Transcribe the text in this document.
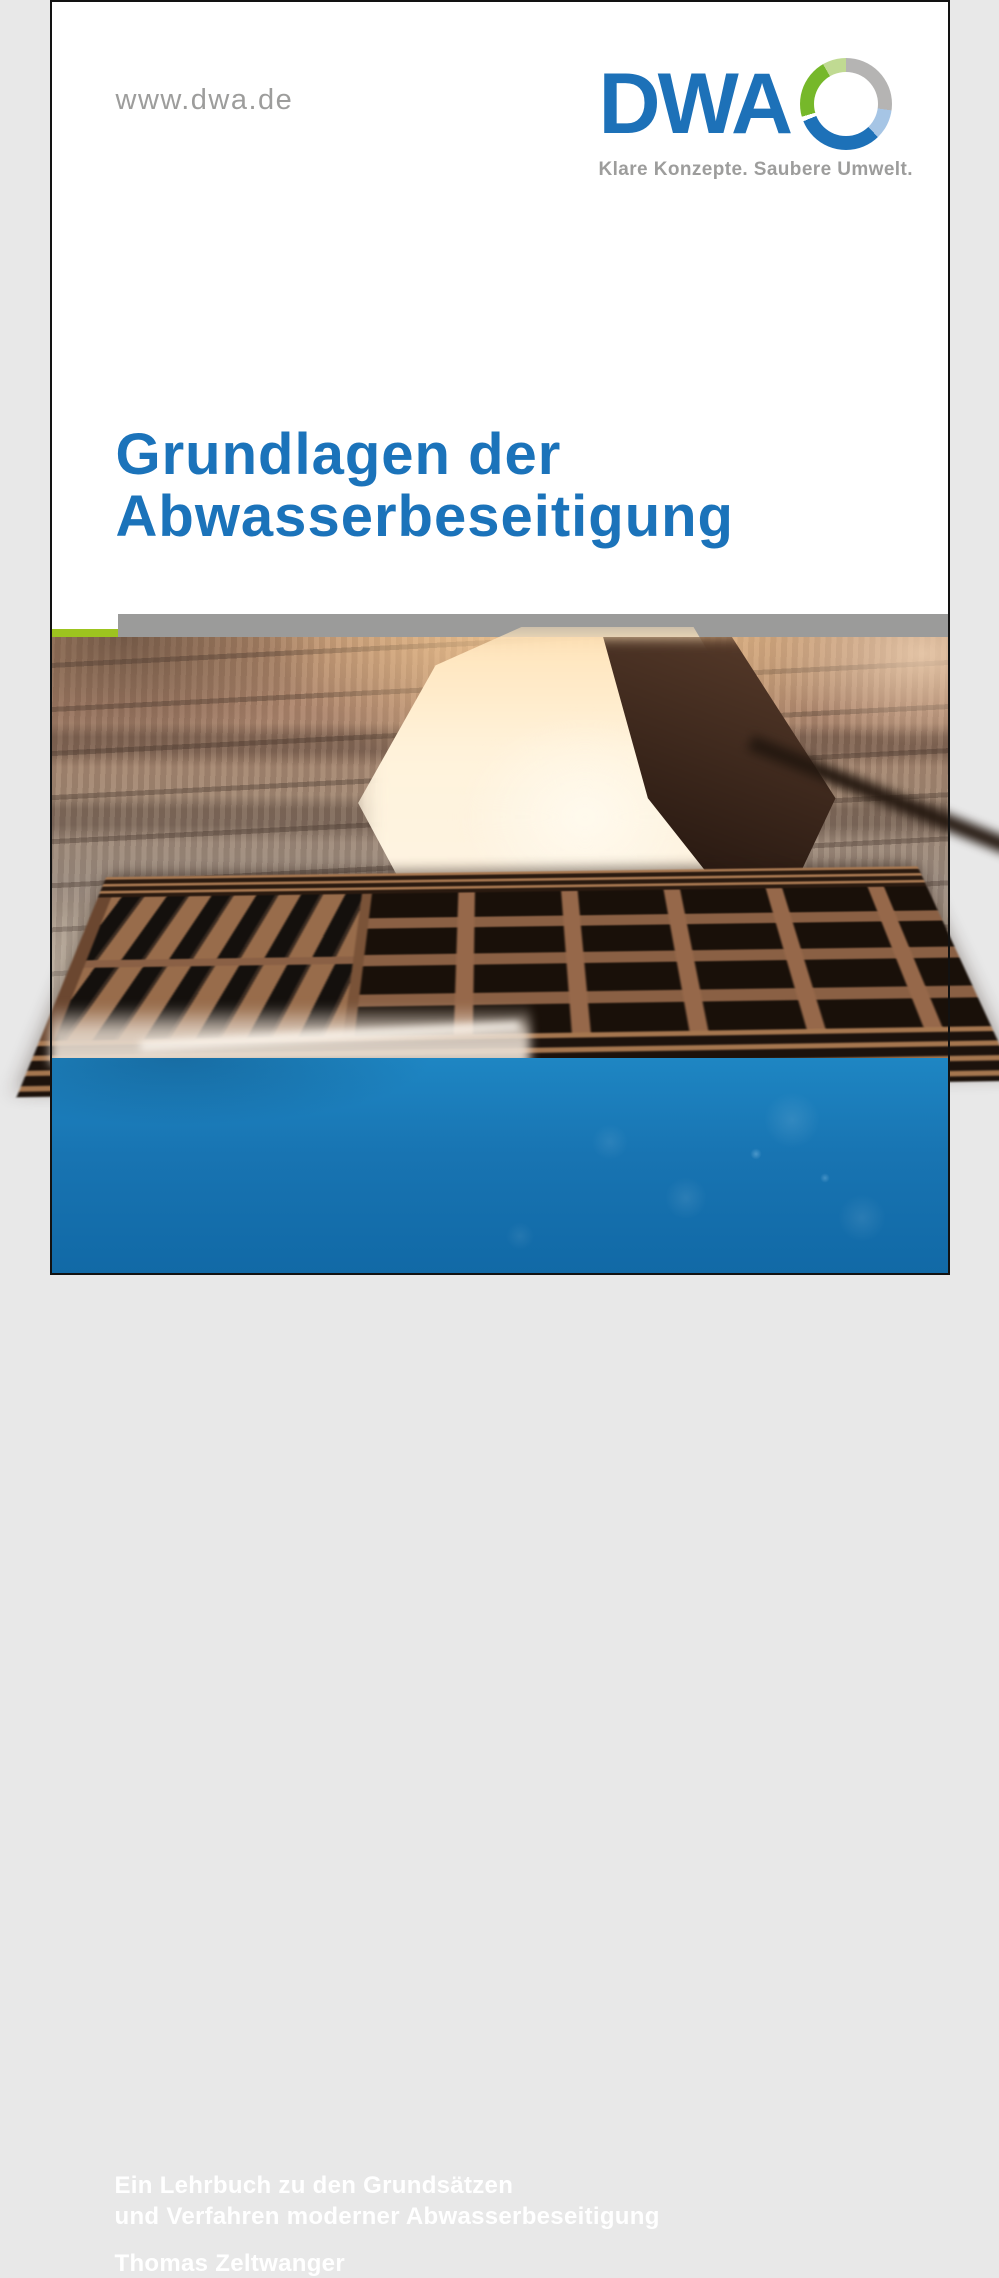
www.dwa.de	DWA
Klare Konzepte. Saubere Umwelt.
Grundlagen der
Abwasserbeseitigung

Ein Lehrbuch zu den Grundsätzen
und Verfahren moderner Abwasserbeseitigung

Thomas Zeltwanger
